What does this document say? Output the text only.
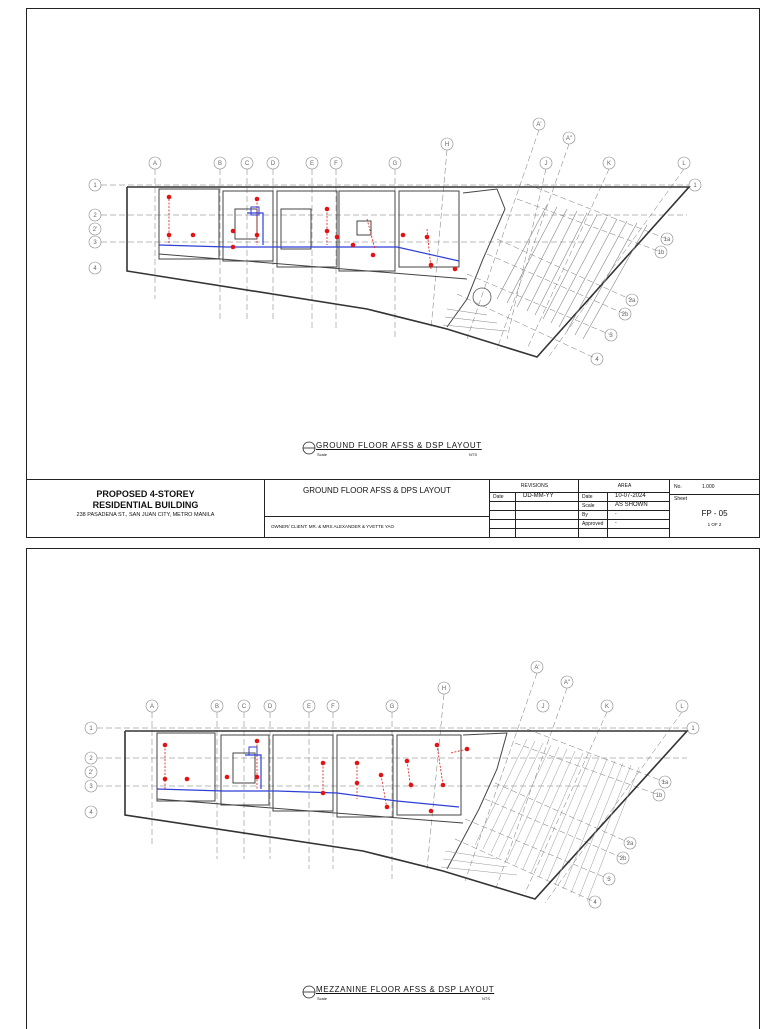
A	B	C	D	E	F	G
H
A'
A''
J	K	L
1
2
2'
3
4
1
1a
1b
2a
2b
3
4
GROUND FLOOR AFSS & DSP LAYOUT
Scale	NTS
PROPOSED 4-STOREY
RESIDENTIAL BUILDING
238 PASADENA ST., SAN JUAN CITY, METRO MANILA
GROUND FLOOR AFSS & DPS LAYOUT
OWNER/ CLIENT: MR. & MRS ALEXANDER & YVETTE YAO
REVISIONS
Date	DD-MM-YY
AREA
Date	10-07-2024
Scale	AS SHOWN
By	-
Approved -
No.	1.000
Sheet
FP - 05
1 OF 2
A	B	C	D	E	F	G
H
A'
A''
J	K	L
1
2
2'
3
4
1
1a
1b
2a
2b
3
4
MEZZANINE FLOOR AFSS & DSP LAYOUT
Scale	NTS
